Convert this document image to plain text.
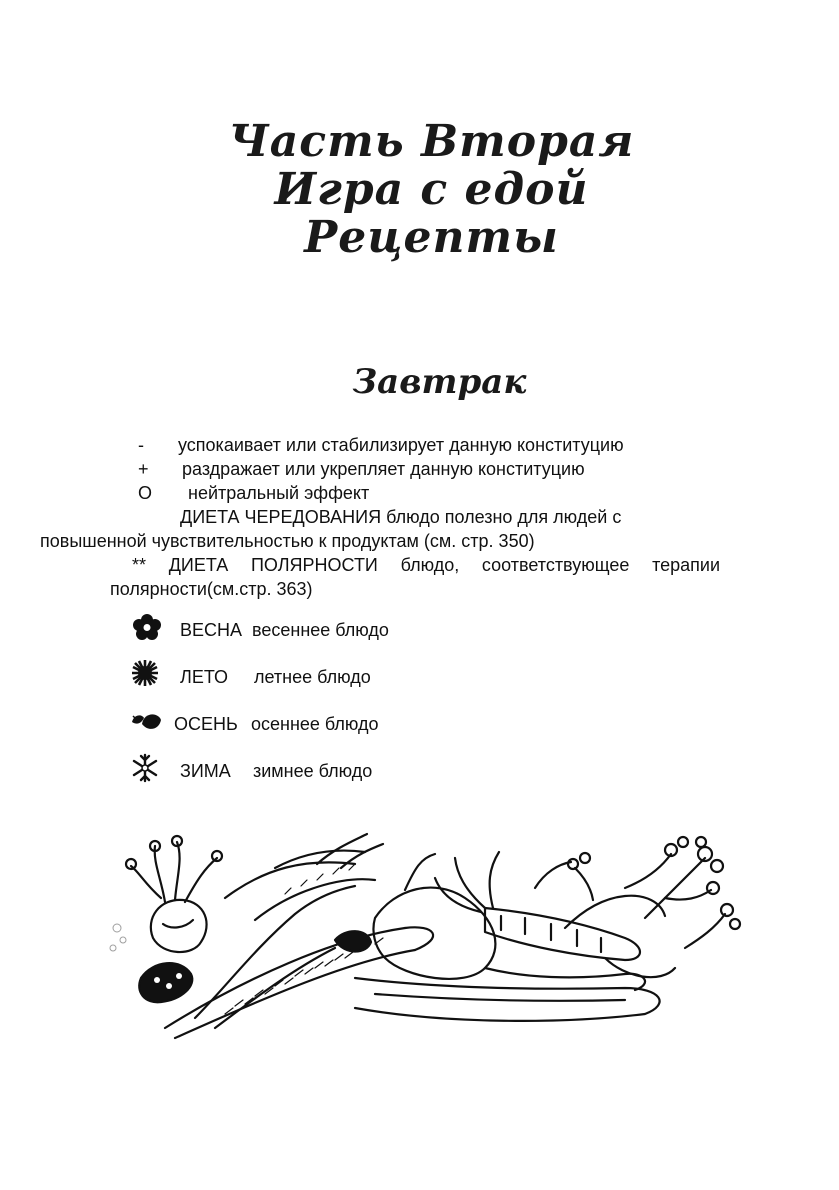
Часть Вторая
Игра с едой
Рецепты
Завтрак
-	успокаивает или стабилизирует данную конституцию
+	раздражает или укрепляет данную конституцию
O	нейтральный эффект

ДИЕТА ЧЕРЕДОВАНИЯ блюдо полезно для людей с
повышенной чувствительностью к продуктам (см. стр. 350)

** ДИЕТА ПОЛЯРНОСТИ блюдо, соответствующее терапии
полярности(см.стр. 363)

ВЕСНА весеннее блюдо
ЛЕТО летнее блюдо
ОСЕНЬ осеннее блюдо
ЗИМА зимнее блюдо
